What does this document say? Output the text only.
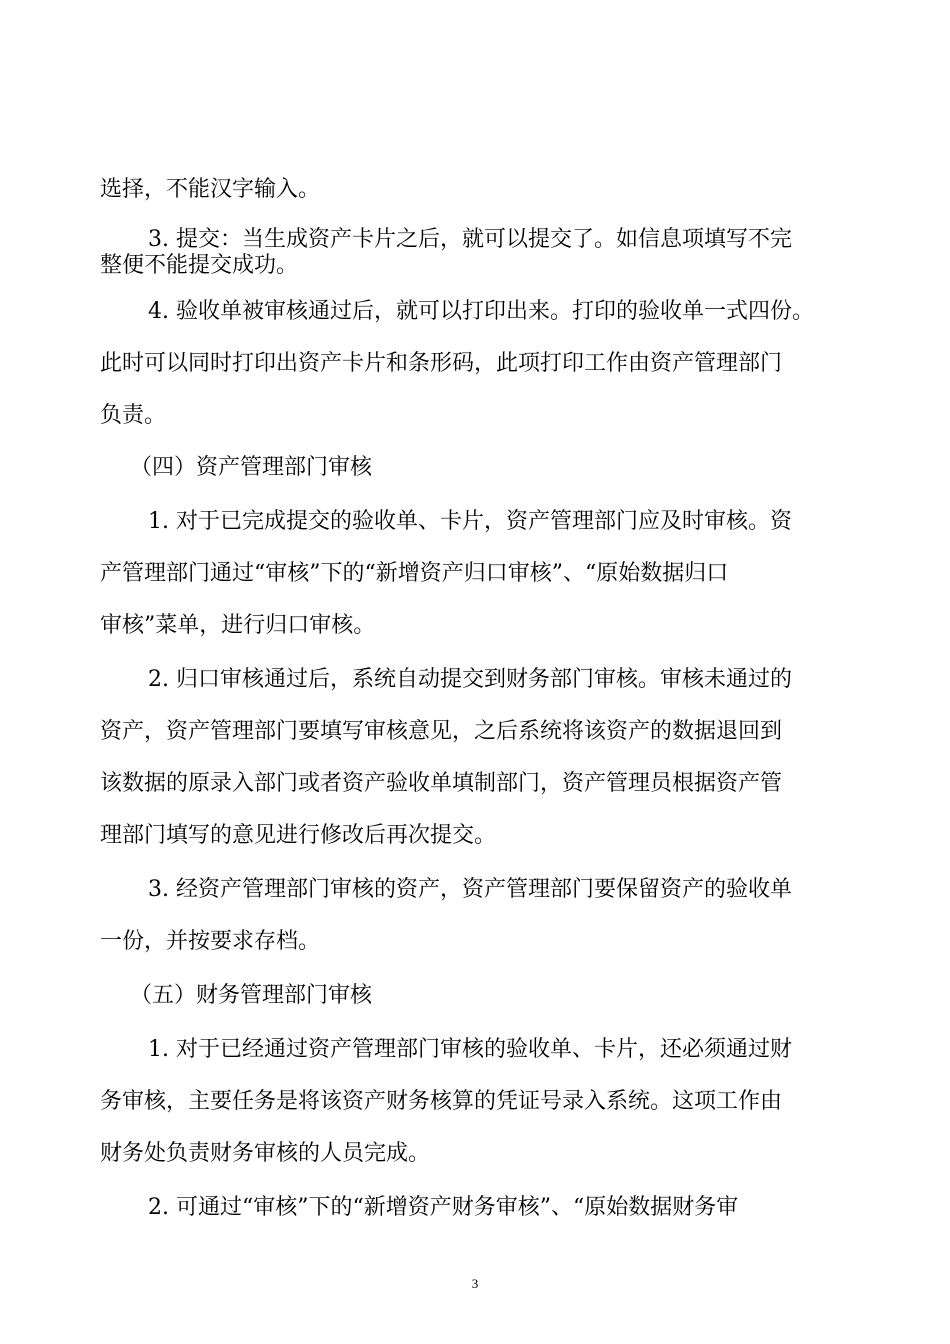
选择，不能汉字输入。
3. 提交：当生成资产卡片之后，就可以提交了。如信息项填写不完
整便不能提交成功。
4. 验收单被审核通过后，就可以打印出来。打印的验收单一式四份。
此时可以同时打印出资产卡片和条形码，此项打印工作由资产管理部门
负责。
（四）资产管理部门审核
1. 对于已完成提交的验收单、卡片，资产管理部门应及时审核。资
产管理部门通过“审核”下的“新增资产归口审核”、“原始数据归口
审核”菜单，进行归口审核。
2. 归口审核通过后，系统自动提交到财务部门审核。审核未通过的
资产，资产管理部门要填写审核意见，之后系统将该资产的数据退回到
该数据的原录入部门或者资产验收单填制部门，资产管理员根据资产管
理部门填写的意见进行修改后再次提交。
3. 经资产管理部门审核的资产，资产管理部门要保留资产的验收单
一份，并按要求存档。
（五）财务管理部门审核
1. 对于已经通过资产管理部门审核的验收单、卡片，还必须通过财
务审核，主要任务是将该资产财务核算的凭证号录入系统。这项工作由
财务处负责财务审核的人员完成。
2. 可通过“审核”下的“新增资产财务审核”、“原始数据财务审
3
